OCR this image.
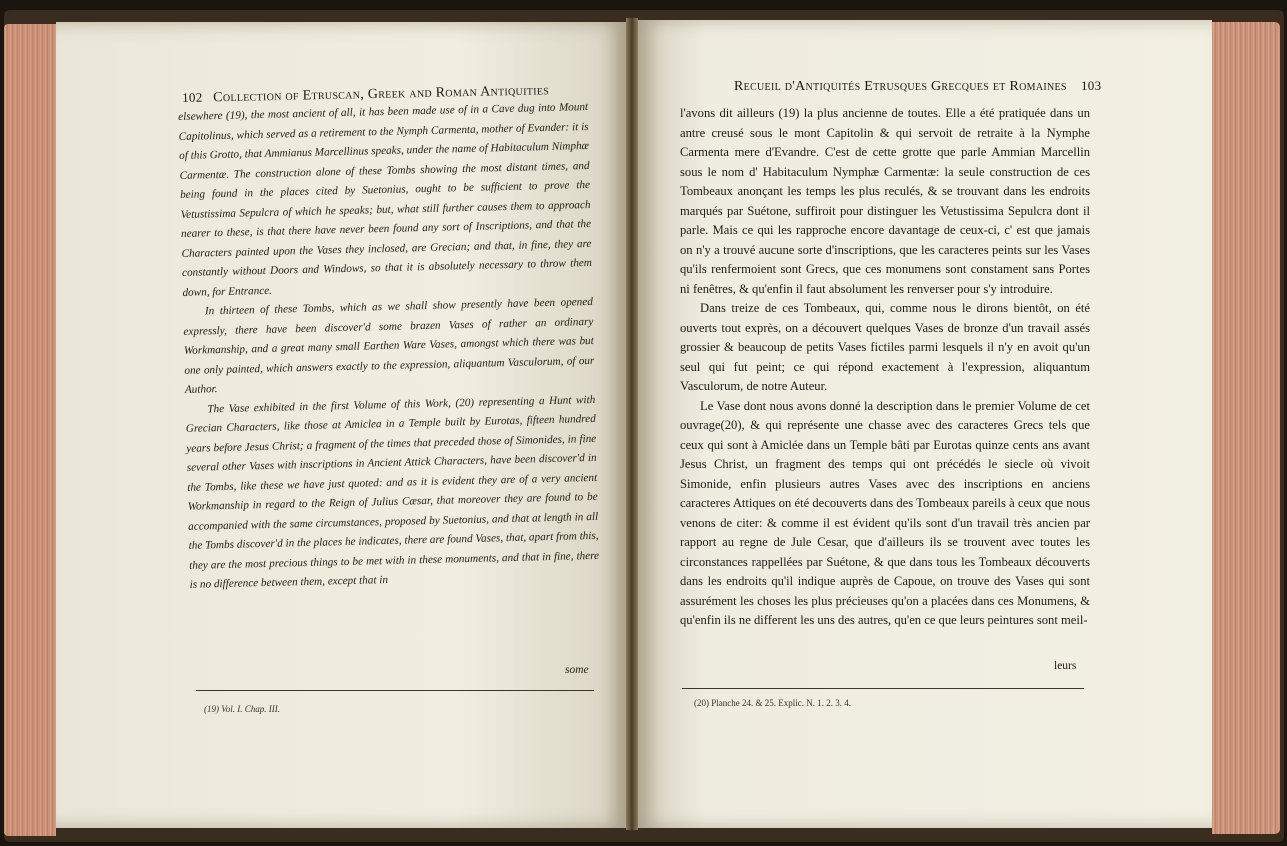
102 Collection of Etruscan, Greek and Roman Antiquities

elsewhere (19), the most ancient of all, it has been made use of in a Cave dug into Mount Capitolinus, which served as a retirement to the Nymph Carmenta, mother of Evander: it is of this Grotto, that Ammianus Marcellinus speaks, under the name of Habitaculum Nimphæ Carmentæ. The construction alone of these Tombs showing the most distant times, and being found in the places cited by Suetonius, ought to be sufficient to prove the Vetustissima Sepulcra of which he speaks; but, what still further causes them to approach nearer to these, is that there have never been found any sort of Inscriptions, and that the Characters painted upon the Vases they inclosed, are Grecian; and that, in fine, they are constantly without Doors and Windows, so that it is absolutely necessary to throw them down, for Entrance.

In thirteen of these Tombs, which as we shall show presently have been opened expressly, there have been discover'd some brazen Vases of rather an ordinary Workmanship, and a great many small Earthen Ware Vases, amongst which there was but one only painted, which answers exactly to the expression, aliquantum Vasculorum, of our Author.

The Vase exhibited in the first Volume of this Work, (20) representing a Hunt with Grecian Characters, like those at Amiclea in a Temple built by Eurotas, fifteen hundred years before Jesus Christ; a fragment of the times that preceded those of Simonides, in fine several other Vases with inscriptions in Ancient Attick Characters, have been discover'd in the Tombs, like these we have just quoted: and as it is evident they are of a very ancient Workmanship in regard to the Reign of Julius Cæsar, that moreover they are found to be accompanied with the same circumstances, proposed by Suetonius, and that at length in all the Tombs discover'd in the places he indicates, there are found Vases, that, apart from this, they are the most precious things to be met with in these monuments, and that in fine, there is no difference between them, except that in

some
(19) Vol. I. Chap. III.
Recueil d'Antiquités Etrusques Grecques et Romaines 103

l'avons dit ailleurs (19) la plus ancienne de toutes. Elle a été pratiquée dans un antre creusé sous le mont Capitolin & qui servoit de retraite à la Nymphe Carmenta mere d'Evandre. C'est de cette grotte que parle Ammian Marcellin sous le nom d' Habitaculum Nymphæ Carmentæ: la seule construction de ces Tombeaux anonçant les temps les plus reculés, & se trouvant dans les endroits marqués par Suétone, suffiroit pour distinguer les Vetustissima Sepulcra dont il parle. Mais ce qui les rapproche encore davantage de ceux-ci, c' est que jamais on n'y a trouvé aucune sorte d'inscriptions, que les caracteres peints sur les Vases qu'ils renfermoient sont Grecs, que ces monumens sont constament sans Portes ni fenêtres, & qu'enfin il faut absolument les renverser pour s'y introduire.

Dans treize de ces Tombeaux, qui, comme nous le dirons bientôt, on été ouverts tout exprès, on a découvert quelques Vases de bronze d'un travail assés grossier & beaucoup de petits Vases fictiles parmi lesquels il n'y en avoit qu'un seul qui fut peint; ce qui répond exactement à l'expression, aliquantum Vasculorum, de notre Auteur.

Le Vase dont nous avons donné la description dans le premier Volume de cet ouvrage(20), & qui représente une chasse avec des caracteres Grecs tels que ceux qui sont à Amiclée dans un Temple bâti par Eurotas quinze cents ans avant Jesus Christ, un fragment des temps qui ont précédés le siecle où vivoit Simonide, enfin plusieurs autres Vases avec des inscriptions en anciens caracteres Attiques on été decouverts dans des Tombeaux pareils à ceux que nous venons de citer: & comme il est évident qu'ils sont d'un travail très ancien par rapport au regne de Jule Cesar, que d'ailleurs ils se trouvent avec toutes les circonstances rappellées par Suétone, & que dans tous les Tombeaux découverts dans les endroits qu'il indique auprès de Capoue, on trouve des Vases qui sont assurément les choses les plus précieuses qu'on a placées dans ces Monumens, & qu'enfin ils ne different les uns des autres, qu'en ce que leurs peintures sont meil-

leurs
(20) Planche 24. & 25. Explic. N. 1. 2. 3. 4.
